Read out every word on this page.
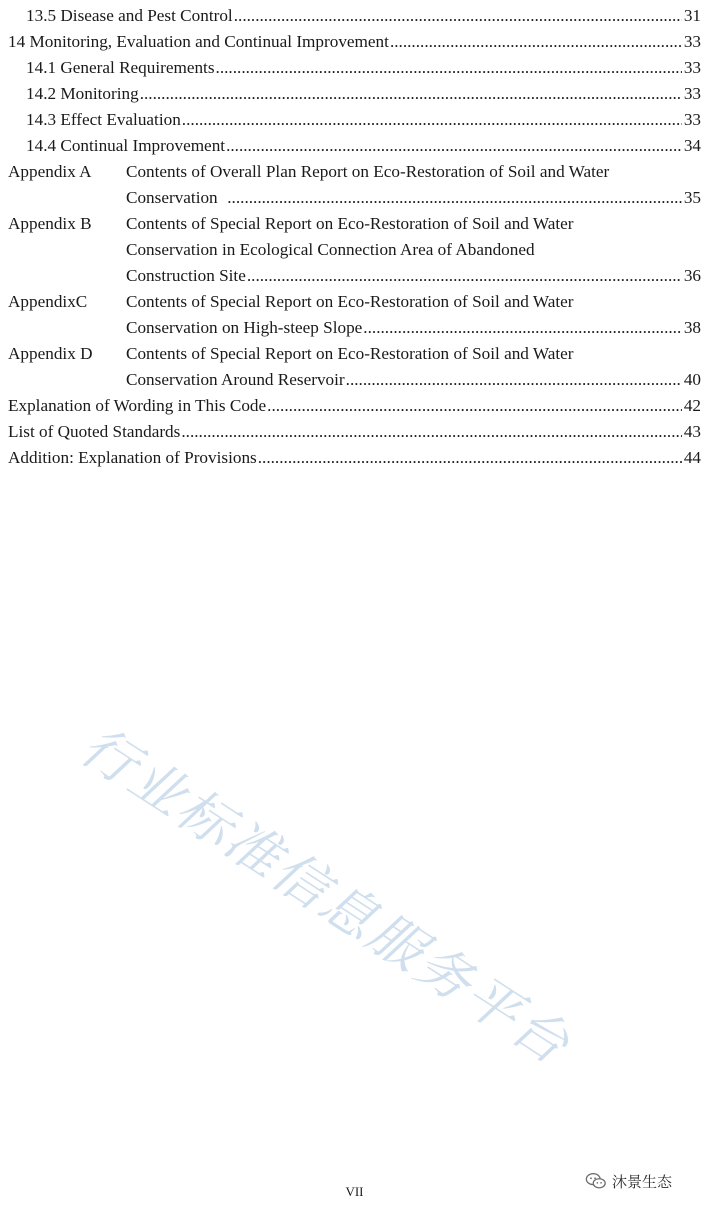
13.5 Disease and Pest Control .....	31
14 Monitoring, Evaluation and Continual Improvement .....	33
14.1 General Requirements .....	33
14.2 Monitoring .....	33
14.3 Effect Evaluation .....	33
14.4 Continual Improvement .....	34
Appendix A	Contents of Overall Plan Report on Eco-Restoration of Soil and Water
Conservation .....	35
Appendix B	Contents of Special Report on Eco-Restoration of Soil and Water
Conservation in Ecological Connection Area of Abandoned
Construction Site .....	36
AppendixC	Contents of Special Report on Eco-Restoration of Soil and Water
Conservation on High-steep Slope .....	38
Appendix D	Contents of Special Report on Eco-Restoration of Soil and Water
Conservation Around Reservoir .....	40
Explanation of Wording in This Code .....	42
List of Quoted Standards .....	43
Addition: Explanation of Provisions .....	44
行业标准信息服务平台
VII
沐景生态
